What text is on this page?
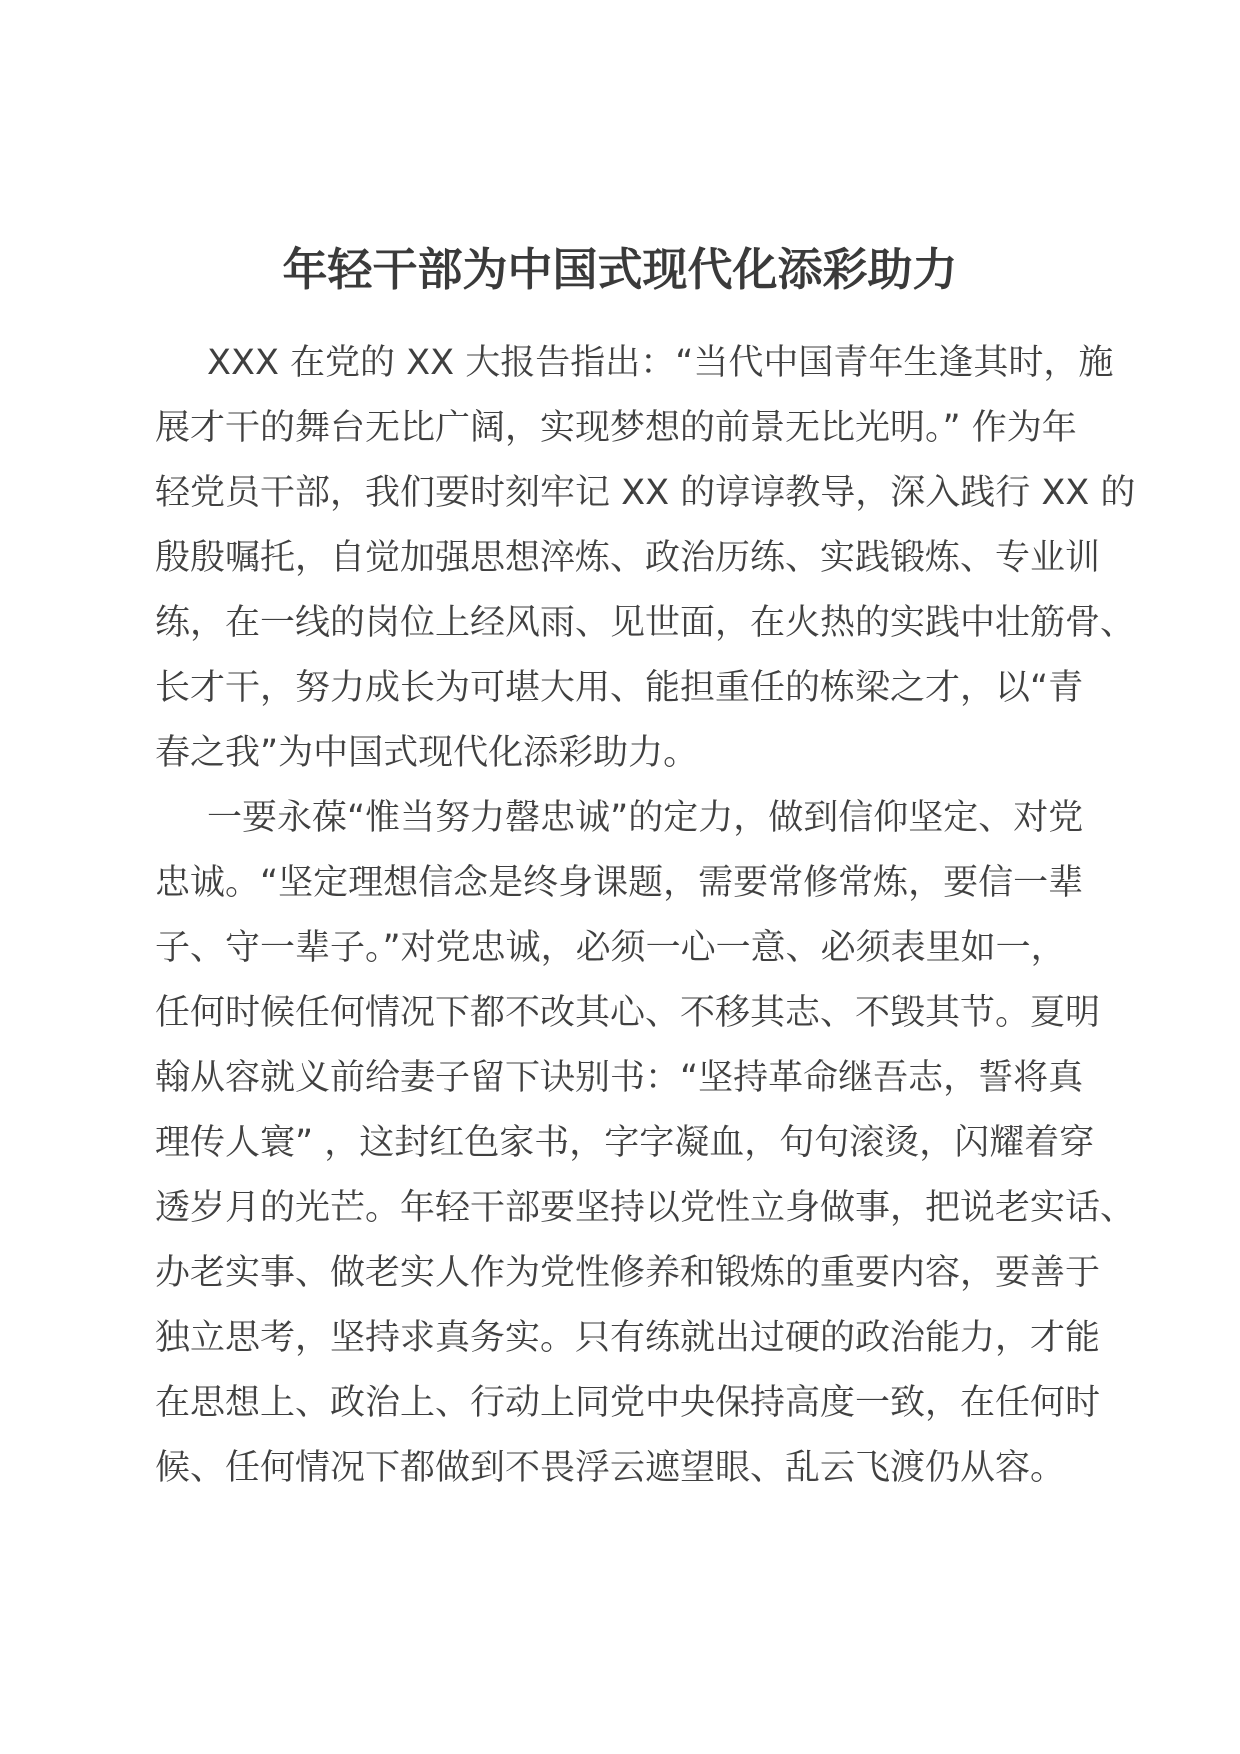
年轻干部为中国式现代化添彩助力
XXX 在党的 XX 大报告指出：“当代中国青年生逢其时，施
展才干的舞台无比广阔，实现梦想的前景无比光明。” 作为年
轻党员干部，我们要时刻牢记 XX 的谆谆教导，深入践行 XX 的
殷殷嘱托，自觉加强思想淬炼、政治历练、实践锻炼、专业训
练，在一线的岗位上经风雨、见世面，在火热的实践中壮筋骨、
长才干，努力成长为可堪大用、能担重任的栋梁之才，以“青
春之我”为中国式现代化添彩助力。
一要永葆“惟当努力罄忠诚”的定力，做到信仰坚定、对党
忠诚。“坚定理想信念是终身课题，需要常修常炼，要信一辈
子、守一辈子。”对党忠诚，必须一心一意、必须表里如一，
任何时候任何情况下都不改其心、不移其志、不毁其节。夏明
翰从容就义前给妻子留下诀别书：“坚持革命继吾志，誓将真
理传人寰” ，这封红色家书，字字凝血，句句滚烫，闪耀着穿
透岁月的光芒。年轻干部要坚持以党性立身做事，把说老实话、
办老实事、做老实人作为党性修养和锻炼的重要内容，要善于
独立思考，坚持求真务实。只有练就出过硬的政治能力，才能
在思想上、政治上、行动上同党中央保持高度一致，在任何时
候、任何情况下都做到不畏浮云遮望眼、乱云飞渡仍从容。
